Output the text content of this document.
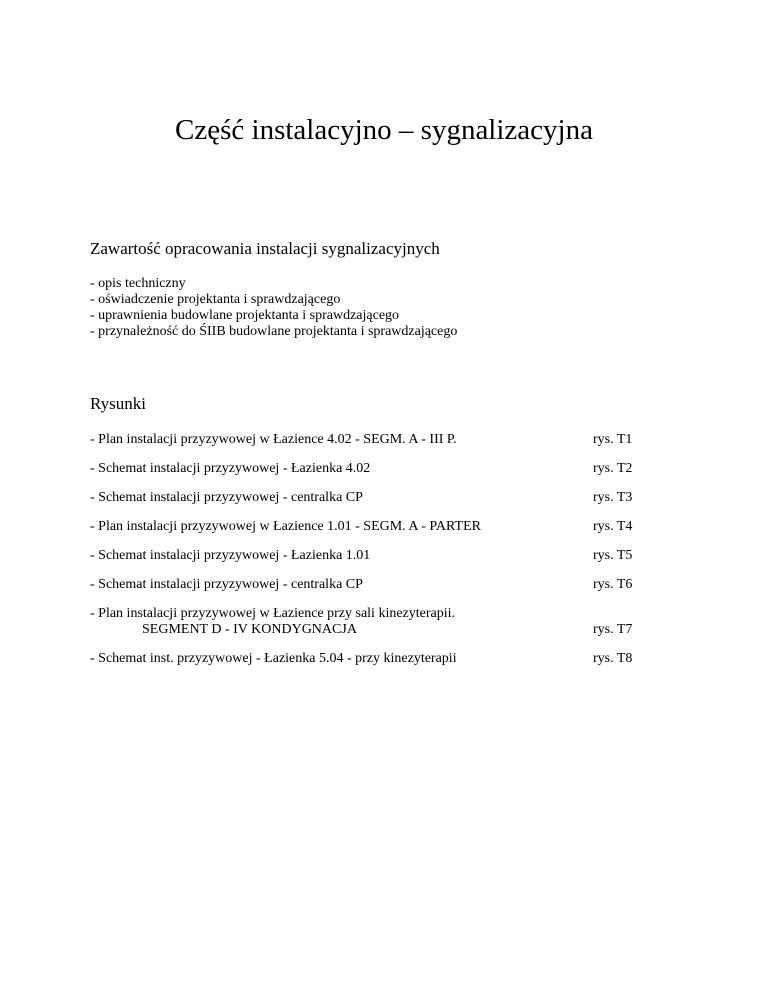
Część instalacyjno – sygnalizacyjna
Zawartość opracowania instalacji sygnalizacyjnych
- opis techniczny
- oświadczenie projektanta i sprawdzającego
- uprawnienia budowlane projektanta i sprawdzającego
- przynależność do ŚIIB budowlane projektanta i sprawdzającego
Rysunki
- Plan instalacji przyzywowej w Łazience 4.02 - SEGM. A - III P.	rys. T1
- Schemat instalacji przyzywowej - Łazienka 4.02	rys. T2
- Schemat instalacji przyzywowej - centralka CP	rys. T3
- Plan instalacji przyzywowej w Łazience 1.01 - SEGM. A - PARTER	rys. T4
- Schemat instalacji przyzywowej - Łazienka 1.01	rys. T5
- Schemat instalacji przyzywowej - centralka CP	rys. T6
- Plan instalacji przyzywowej w Łazience przy sali kinezyterapii.
SEGMENT D - IV KONDYGNACJA	rys. T7
- Schemat inst. przyzywowej - Łazienka 5.04 - przy kinezyterapii	rys. T8
